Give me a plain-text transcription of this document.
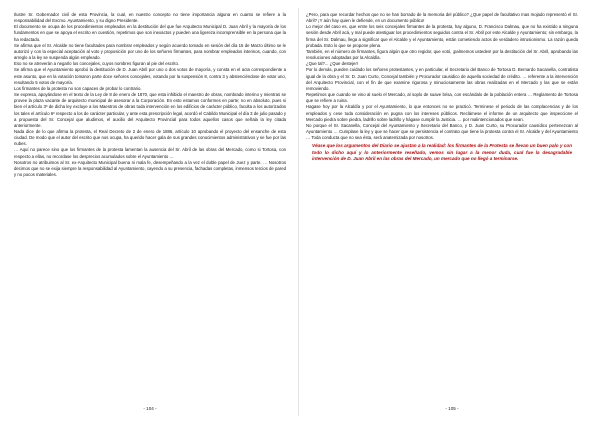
Ilustre Sr. Gobernador civil de esta Provincia, la cual, en nuestro concepto no tiene importancia alguna en cuanto se refiere a la responsabilidad del Excmo. Ayuntamiento, y su digno Presidente.

El documento se ocupa de los procedimientos empleados en la destitución del que fue Arquitecto Municipal D. Juan Abril y la mayoría de los fundamentos en que se apoya el escrito en cuestión, repetimos que son inexactos y pueden una ligereza incomprensible en la persona que la ha redactado.

Se afirma que el Sr. Alcalde no tiene facultades para nombrar empleados y según acuerdo tomado en sesión del día 15 de Marzo último se le autorizó y con la especial aceptación al voto y proposición por uno de los señores firmantes, para nombrar empleados interinos, cuando, con arreglo a la ley se suspenda algún empleado.

Eso no se atreverán a negarlo los concejales, cuyos nombres figuran al pie del escrito.

Se afirma que el Ayuntamiento aprobó la destitución de D. Juan Abril por uno o dos votos de mayoría, y consta en el acta correspondiente a este asunto, que en la votación tomaron parte doce señores concejales, votando por la suspensión 8, contra 3 y abstenciéndose de votar uno, resultando 5 votos de mayoría.

Los firmantes de la protesta no son capaces de probar lo contrario.

Se expresa, apoyándose en el texto de la Ley de 8 de enero de 1870, que esta inhibido el maestro de obras, nombrado interino y mientras se provee la plaza vacante de arquitecto municipal de asesorar a la Corporación. En esto estamos conformes en parte; no en absoluto, pues si bien el artículo 3º de dicha ley excluye a los Maestros de obras toda intervención en los edificios de carácter público, faculta a los autorizados los tales el artículo 6º respecto a los de carácter particular, y ante esta prescripción legal, acordó el Cabildo Municipal el día 3 de julio pasado y a propuesta del Sr. Concejal que aludimos, el auxilio del Arquitecto Provincial para todos aquellos casos que señala la ley citada anteriormente.

Nada dice de lo que afirma la protesta, el Real Decreto de 2 de enero de 1886, artículo 10 aprobando el proyecto del ensanche de esta ciudad. De modo que el autor del escrito que nos ocupa, ha querido hacer gala de sus grandes conocimientos administrativos y se fue por las nubes.

… Aquí no parece sino que los firmantes de la protesta lamentan la ausencia del Sr. Abril de las obras del Mercado, como si Tortosa, con respecto a ellas, no recordase los desprecios acumulados sobre el Ayuntamiento …

Nosotros no atribuimos al Sr. ex-Arquitecto Municipal buena ni mala fe, desempeñando a la vez el doble papel de Juez y parte. … Nosotros decimos que no se exija siempre la responsabilidad al Ayuntamiento, cayendo a su presencia, fachadas completas, inmensos tercios de pared y no pocos materiales.

¿Pero, para que recordar hechos que no se han borrado de la memoria del público? ¿Que papel de facultativo mas mojado representó el Sr. Abril? ¡Y aún hay quien le defiende, en un documento público!

Lo mejor del caso es, que entre los seis concejales firmantes de la protesta, hay alguno, D. Francisco Dalmau, que no ha existido a ninguna sesión desde Abril acá, y mal puede atestiguar los procedimientos seguidos contra el Sr. Abril por este Alcalde y Ayuntamiento; sin embargo, la firma del Sr. Dalmau, llega a significar que el Alcalde y el Ayuntamiento, están cometiendo actos de verdadero intrusionismo. La razón queda probada. Esto lo que se propone plena.

También, en el número de firmantes, figura algún que otro regidor, que votó, ¡palmemos ustedes! por la destitución del Sr. Abril, aprobando las resoluciones adoptadas por la Alcaldía.

¿Que tal?... ¿Que destejer!

Por lo demás, pueden cuidado los señores protestantes, y en particular, el Secretario del Banco de Tortosa D. Bernardo Sacanella, contratista igual de la obra y el Sr. D. Juan Curto, Concejal también y Procurador causidico de aquella sociedad de crédito. … referente a la intervención del Arquitecto Provincial, con el fin de que examine rigurosa y minuciosamente las obras realizadas en el Mercado y las que se están removiendo.

Repetimos que cuando se vino al suelo el Mercado, al soplo de suave brisa, con escándalo de la población entera … Reglamento de Tortosa que se refiere a ruina.

Hagase hoy por la Alcaldía y por el Ayuntamiento, lo que entonces no se practicó. Terminese el periodo de las complacencias y de los empleados y cese toda consideración en pugna con los intereses públicos. Reclámese el informe de un arquitecto que inspeccione el Mercado piedra sobre piedra, ladrillo sobre ladrillo y hágase cumplir la Justicia. … por malintencionados que sean.

No porque el Sr. Sacanella, Concejal del Ayuntamiento y Secretario del Banco, y D. Juan Curto, su Procurador causídico pertenezcan al Ayuntamiento … Cumplase la ley y que se hacer que se persistencia el contrato que tiene la protesta contra el Sr. Alcalde y del Ayuntamiento … Toda conducta que no sea ésta, será anatemizada por nosotros.

Véase que los argumentos del Diario se ajustan a la realidad: los firmantes de la Protesta se llevan un buen palo y con todo lo dicho aquí y lo anteriormente reseñado, vemos sin lugar a la menor duda, cual fue la desagradable intervención de D. Juan Abril en las obras del Mercado, un mercado que no llegó a terminarse.

- 104 -	- 105 -
